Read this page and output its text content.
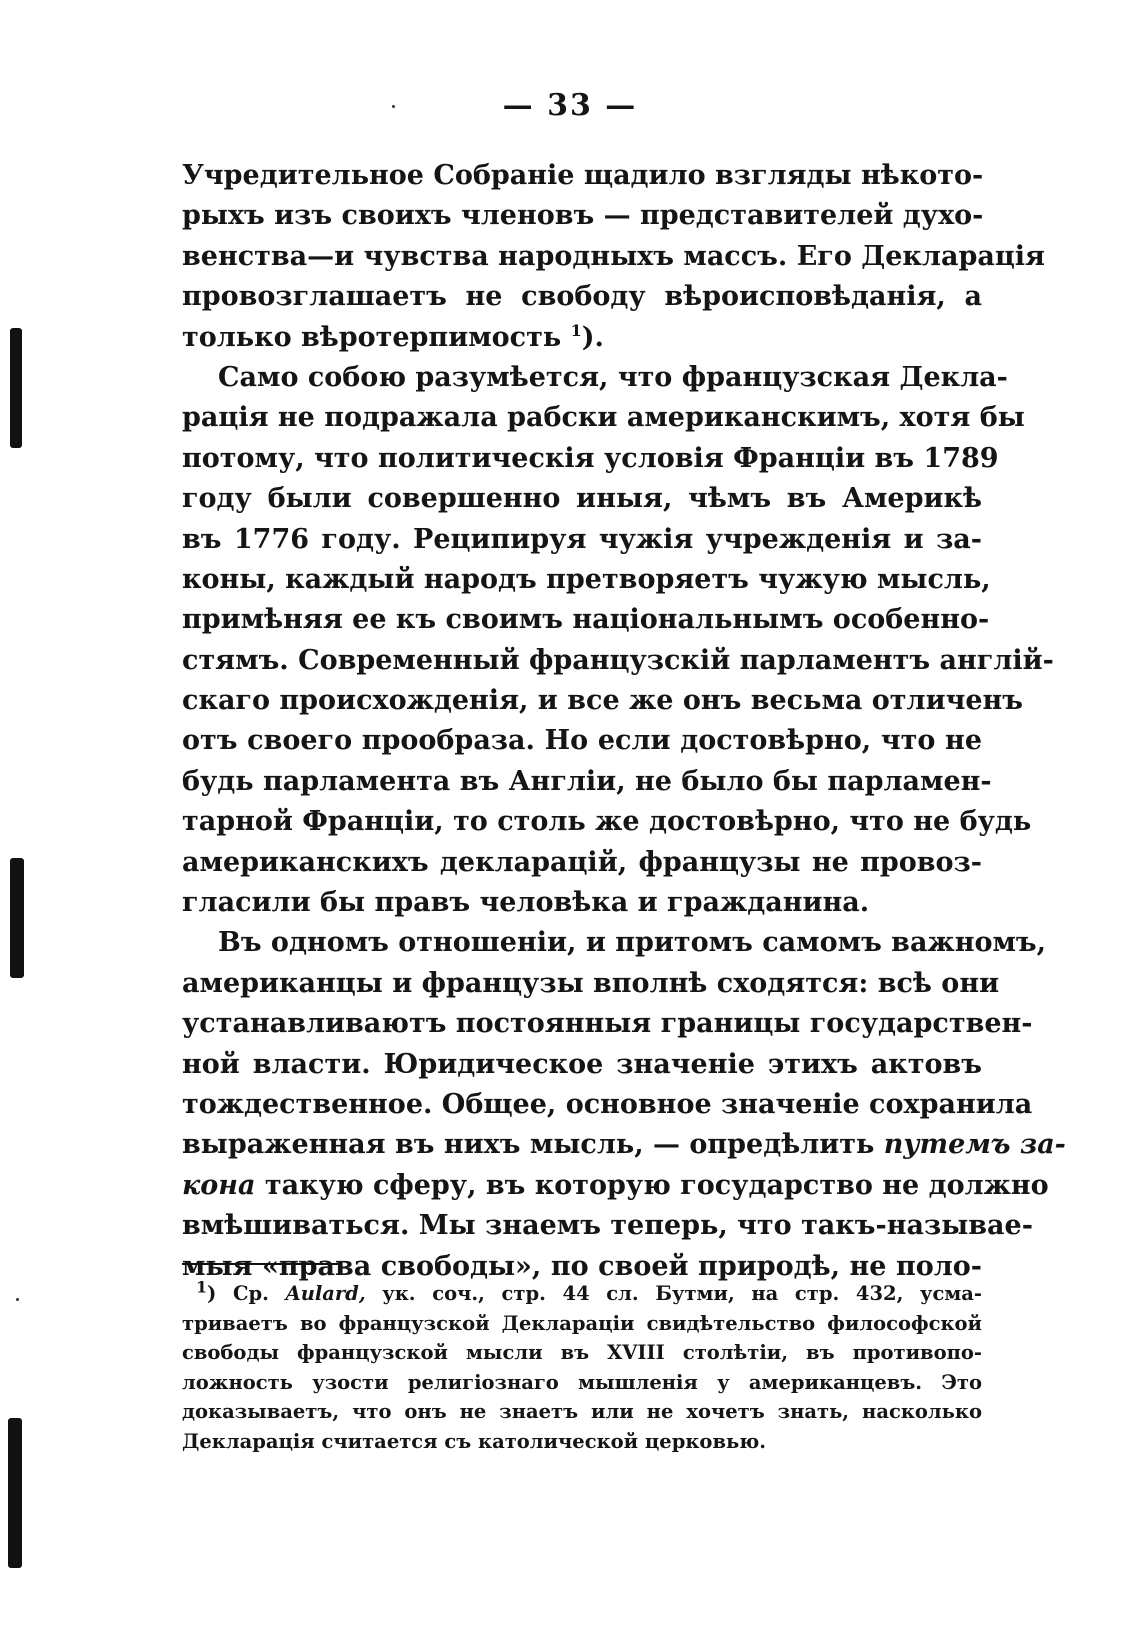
— 33 —
Учредительное Собраніе щадило взгляды нѣкото-
рыхъ изъ своихъ членовъ — представителей духо-
венства—и чувства народныхъ массъ. Его Декларація
провозглашаетъ не свободу вѣроисповѣданія, а
только вѣротерпимость $^1$).
Само собою разумѣется, что французская Декла-
рація не подражала рабски американскимъ, хотя бы
потому, что политическія условія Франціи въ 1789
году были совершенно иныя, чѣмъ въ Америкѣ
въ 1776 году. Реципируя чужія учрежденія и за-
коны, каждый народъ претворяетъ чужую мысль,
примѣняя ее къ своимъ національнымъ особенно-
стямъ. Современный французскій парламентъ англій-
скаго происхожденія, и все же онъ весьма отличенъ
отъ своего прообраза. Но если достовѣрно, что не
будь парламента въ Англіи, не было бы парламен-
тарной Франціи, то столь же достовѣрно, что не будь
американскихъ декларацій, французы не провоз-
гласили бы правъ человѣка и гражданина.
Въ одномъ отношеніи, и притомъ самомъ важномъ,
американцы и французы вполнѣ сходятся: всѣ они
устанавливаютъ постоянныя границы государствен-
ной власти. Юридическое значеніе этихъ актовъ
тождественное. Общее, основное значеніе сохранила
выраженная въ нихъ мысль, — опредѣлить путемъ за-
кона такую сферу, въ которую государство не должно
вмѣшиваться. Мы знаемъ теперь, что такъ-называе-
мыя «права свободы», по своей природѣ, не поло-
$^1$) Ср. Aulard, ук. соч., стр. 44 сл. Бутми, на стр. 432, усма-
триваетъ во французской Деклараціи свидѣтельство философской
свободы французской мысли въ XVIII столѣтіи, въ противопо-
ложность узости религіознаго мышленія у американцевъ. Это
доказываетъ, что онъ не знаетъ или не хочетъ знать, насколько
Декларація считается съ католической церковью.
